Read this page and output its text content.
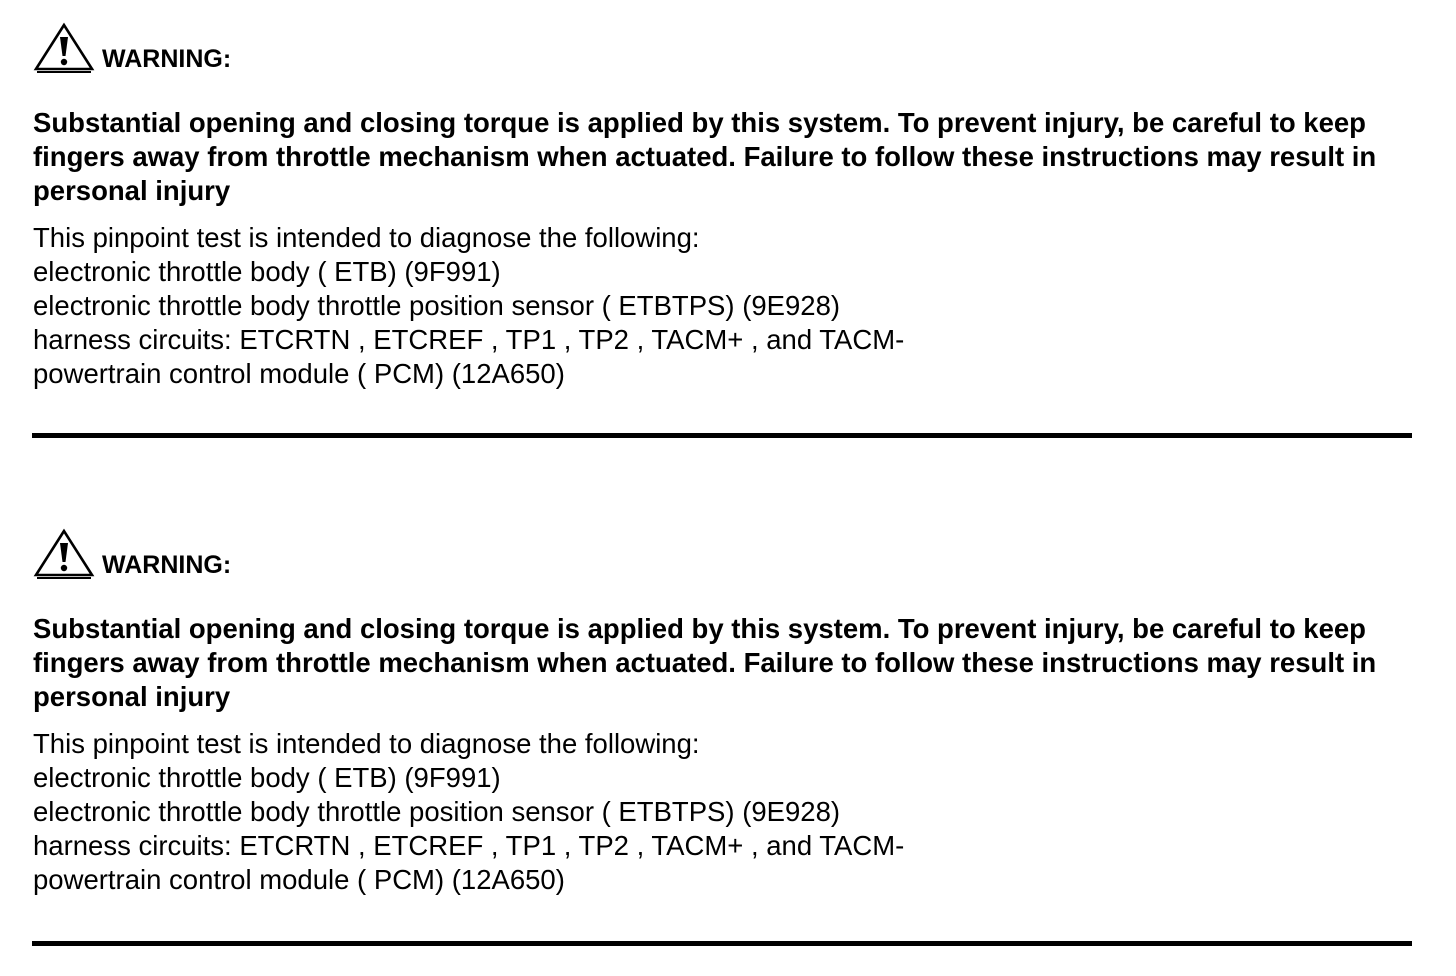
WARNING:

Substantial opening and closing torque is applied by this system. To prevent injury, be careful to keep fingers away from throttle mechanism when actuated. Failure to follow these instructions may result in personal injury

This pinpoint test is intended to diagnose the following:
electronic throttle body ( ETB) (9F991)
electronic throttle body throttle position sensor ( ETBTPS) (9E928)
harness circuits: ETCRTN , ETCREF , TP1 , TP2 , TACM+ , and TACM-
powertrain control module ( PCM) (12A650)
WARNING:

Substantial opening and closing torque is applied by this system. To prevent injury, be careful to keep fingers away from throttle mechanism when actuated. Failure to follow these instructions may result in personal injury

This pinpoint test is intended to diagnose the following:
electronic throttle body ( ETB) (9F991)
electronic throttle body throttle position sensor ( ETBTPS) (9E928)
harness circuits: ETCRTN , ETCREF , TP1 , TP2 , TACM+ , and TACM-
powertrain control module ( PCM) (12A650)
